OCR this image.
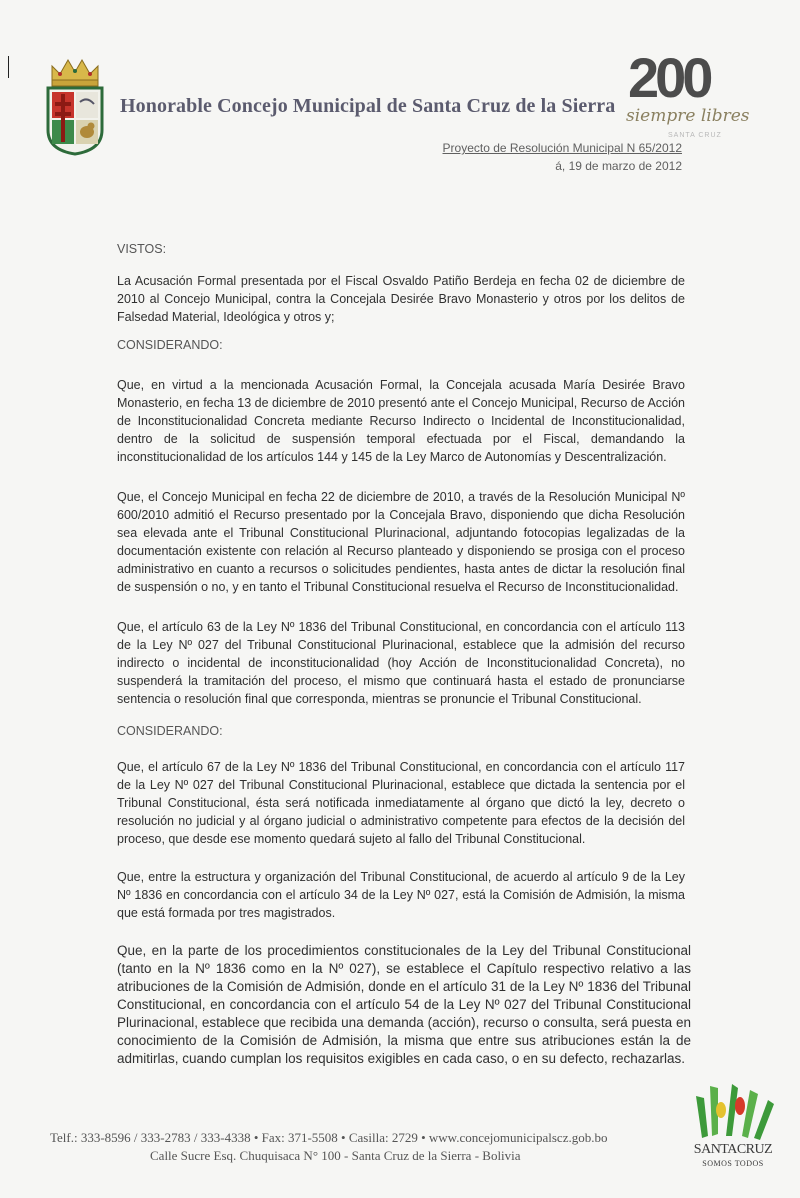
Honorable Concejo Municipal de Santa Cruz de la Sierra 200
siempre libres
SANTA CRUZ
Proyecto de Resolución Municipal N 65/2012
á, 19 de marzo de 2012

VISTOS:

La Acusación Formal presentada por el Fiscal Osvaldo Patiño Berdeja en fecha 02 de diciembre de 2010 al Concejo Municipal, contra la Concejala Desirée Bravo Monasterio y otros por los delitos de Falsedad Material, Ideológica y otros y;

CONSIDERANDO:

Que, en virtud a la mencionada Acusación Formal, la Concejala acusada María Desirée Bravo Monasterio, en fecha 13 de diciembre de 2010 presentó ante el Concejo Municipal, Recurso de Acción de Inconstitucionalidad Concreta mediante Recurso Indirecto o Incidental de Inconstitucionalidad, dentro de la solicitud de suspensión temporal efectuada por el Fiscal, demandando la inconstitucionalidad de los artículos 144 y 145 de la Ley Marco de Autonomías y Descentralización.

Que, el Concejo Municipal en fecha 22 de diciembre de 2010, a través de la Resolución Municipal Nº 600/2010 admitió el Recurso presentado por la Concejala Bravo, disponiendo que dicha Resolución sea elevada ante el Tribunal Constitucional Plurinacional, adjuntando fotocopias legalizadas de la documentación existente con relación al Recurso planteado y disponiendo se prosiga con el proceso administrativo en cuanto a recursos o solicitudes pendientes, hasta antes de dictar la resolución final de suspensión o no, y en tanto el Tribunal Constitucional resuelva el Recurso de Inconstitucionalidad.

Que, el artículo 63 de la Ley Nº 1836 del Tribunal Constitucional, en concordancia con el artículo 113 de la Ley Nº 027 del Tribunal Constitucional Plurinacional, establece que la admisión del recurso indirecto o incidental de inconstitucionalidad (hoy Acción de Inconstitucionalidad Concreta), no suspenderá la tramitación del proceso, el mismo que continuará hasta el estado de pronunciarse sentencia o resolución final que corresponda, mientras se pronuncie el Tribunal Constitucional.

CONSIDERANDO:

Que, el artículo 67 de la Ley Nº 1836 del Tribunal Constitucional, en concordancia con el artículo 117 de la Ley Nº 027 del Tribunal Constitucional Plurinacional, establece que dictada la sentencia por el Tribunal Constitucional, ésta será notificada inmediatamente al órgano que dictó la ley, decreto o resolución no judicial y al órgano judicial o administrativo competente para efectos de la decisión del proceso, que desde ese momento quedará sujeto al fallo del Tribunal Constitucional.

Que, entre la estructura y organización del Tribunal Constitucional, de acuerdo al artículo 9 de la Ley Nº 1836 en concordancia con el artículo 34 de la Ley Nº 027, está la Comisión de Admisión, la misma que está formada por tres magistrados.

Que, en la parte de los procedimientos constitucionales de la Ley del Tribunal Constitucional (tanto en la Nº 1836 como en la Nº 027), se establece el Capítulo respectivo relativo a las atribuciones de la Comisión de Admisión, donde en el artículo 31 de la Ley Nº 1836 del Tribunal Constitucional, en concordancia con el artículo 54 de la Ley Nº 027 del Tribunal Constitucional Plurinacional, establece que recibida una demanda (acción), recurso o consulta, será puesta en conocimiento de la Comisión de Admisión, la misma que entre sus atribuciones están la de admitirlas, cuando cumplan los requisitos exigibles en cada caso, o en su defecto, rechazarlas.

Telf.: 333-8596 / 333-2783 / 333-4338 • Fax: 371-5508 • Casilla: 2729 • www.concejomunicipalscz.gob.bo
Calle Sucre Esq. Chuquisaca N° 100 - Santa Cruz de la Sierra - Bolivia	SANTACRUZ
SOMOS TODOS
